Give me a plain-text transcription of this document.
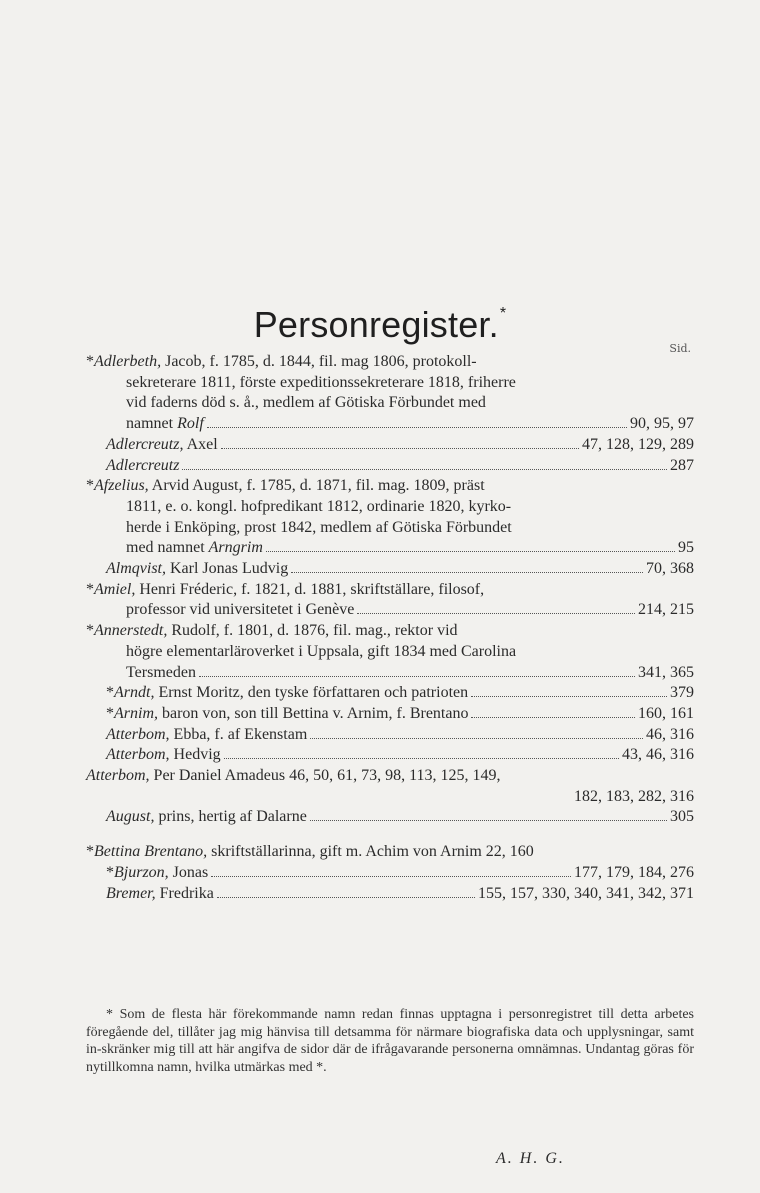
Personregister.*
Sid.
*Adlerbeth, Jacob, f. 1785, d. 1844, fil. mag 1806, protokoll-
sekreterare 1811, förste expeditionssekreterare 1818, friherre
vid faderns död s. å., medlem af Götiska Förbundet med
namnet Rolf	90, 95, 97
Adlercreutz, Axel	47, 128, 129, 289
Adlercreutz	287
*Afzelius, Arvid August, f. 1785, d. 1871, fil. mag. 1809, präst
1811, e. o. kongl. hofpredikant 1812, ordinarie 1820, kyrko-
herde i Enköping, prost 1842, medlem af Götiska Förbundet
med namnet Arngrim	95
Almqvist, Karl Jonas Ludvig	70, 368
*Amiel, Henri Fréderic, f. 1821, d. 1881, skriftställare, filosof,
professor vid universitetet i Genève	214, 215
*Annerstedt, Rudolf, f. 1801, d. 1876, fil. mag., rektor vid
högre elementarläroverket i Uppsala, gift 1834 med Carolina
Tersmeden	341, 365
*Arndt, Ernst Moritz, den tyske författaren och patrioten	379
*Arnim, baron von, son till Bettina v. Arnim, f. Brentano	160, 161
Atterbom, Ebba, f. af Ekenstam	46, 316
Atterbom, Hedvig	43, 46, 316
Atterbom, Per Daniel Amadeus 46, 50, 61, 73, 98, 113, 125, 149,
182, 183, 282, 316
August, prins, hertig af Dalarne	305
*Bettina Brentano, skriftställarinna, gift m. Achim von Arnim 22, 160
*Bjurzon, Jonas	177, 179, 184, 276
Bremer, Fredrika	155, 157, 330, 340, 341, 342, 371

* Som de flesta här förekommande namn redan finnas upptagna i personregistret till detta arbetes föregående del, tillåter jag mig hänvisa till detsamma för närmare biografiska data och upplysningar, samt in-skränker mig till att här angifva de sidor där de ifrågavarande personerna omnämnas. Undantag göras för nytillkomna namn, hvilka utmärkas med *.

A. H. G.
